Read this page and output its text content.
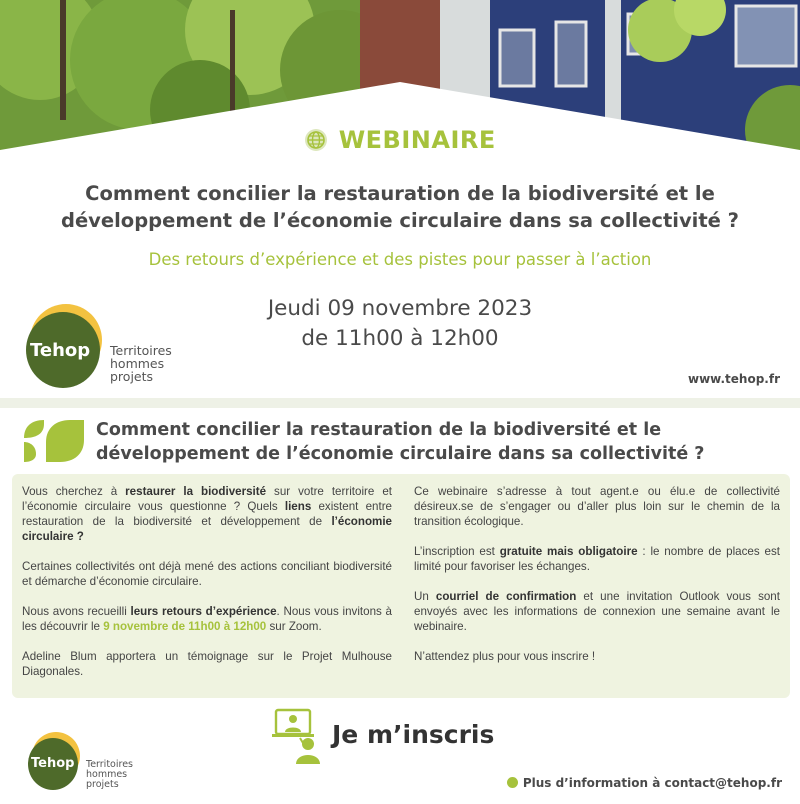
WEBINAIRE
Comment concilier la restauration de la biodiversité et le développement de l’économie circulaire dans sa collectivité ?
Des retours d’expérience et des pistes pour passer à l’action
Jeudi 09 novembre 2023
de 11h00 à 12h00
Tehop Territoires
hommes
projets	www.tehop.fr
Comment concilier la restauration de la biodiversité et le développement de l’économie circulaire dans sa collectivité ?

Vous cherchez à restaurer la biodiversité sur votre territoire et l’économie circulaire vous questionne ? Quels liens existent entre restauration de la biodiversité et développement de l’économie circulaire ?

Certaines collectivités ont déjà mené des actions conciliant biodiversité et démarche d’économie circulaire.

Nous avons recueilli leurs retours d’expérience. Nous vous invitons à les découvrir le 9 novembre de 11h00 à 12h00 sur Zoom.

Adeline Blum apportera un témoignage sur le Projet Mulhouse Diagonales.

Ce webinaire s’adresse à tout agent.e ou élu.e de collectivité désireux.se de s’engager ou d’aller plus loin sur le chemin de la transition écologique.

L’inscription est gratuite mais obligatoire : le nombre de places est limité pour favoriser les échanges.

Un courriel de confirmation et une invitation Outlook vous sont envoyés avec les informations de connexion une semaine avant le webinaire.

N’attendez plus pour vous inscrire !

Je m’inscris
Tehop Territoires
hommes
projets	Plus d’information à contact@tehop.fr
